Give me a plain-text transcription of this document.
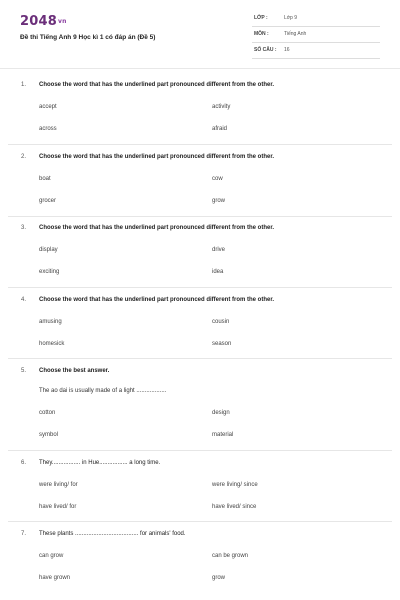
$2048^{vn}$
Đề thi Tiếng Anh 9 Học kì 1 có đáp án (Đề 5)
LỚP :	Lớp 9
MÔN :	Tiếng Anh
SỐ CÂU : 16
1. Choose the word that has the underlined part pronounced different from the other.
accept	activity
across	afraid
2. Choose the word that has the underlined part pronounced different from the other.
boat	cow
grocer	grow
3. Choose the word that has the underlined part pronounced different from the other.
display	drive
exciting	idea
4. Choose the word that has the underlined part pronounced different from the other.
amusing	cousin
homesick	season
5. Choose the best answer.
The ao dai is usually made of a light ..................
cotton	design
symbol	material
6. They................. in Hue................. a long time.
were living/ for	were living/ since
have lived/ for	have lived/ since
7. These plants ...................................... for animals' food.
can grow	can be grown
have grown	grow
